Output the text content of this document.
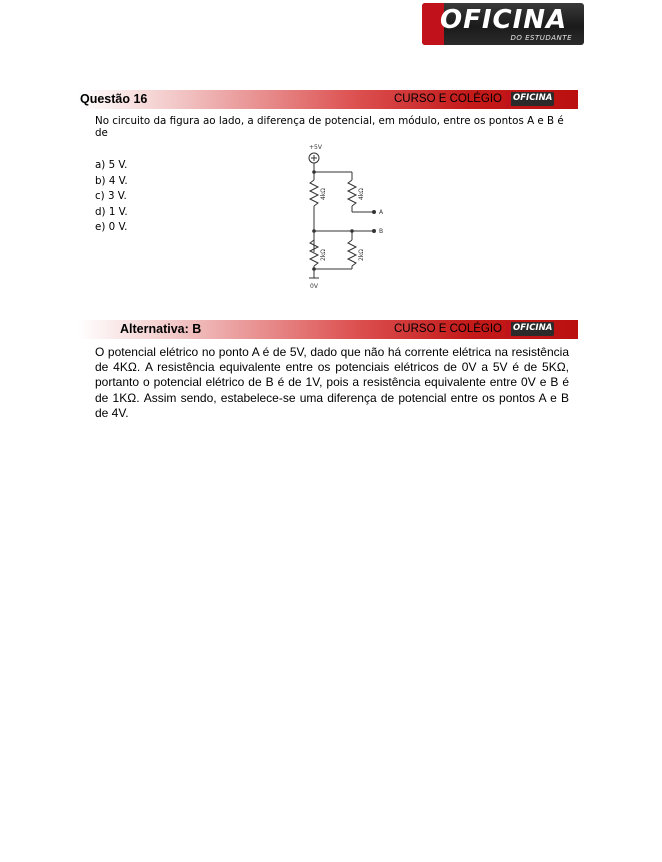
OFICINA
DO ESTUDANTE
Questão 16	CURSO E COLÉGIO OFICINA
No circuito da figura ao lado, a diferença de potencial, em módulo, entre os pontos A e B é de
a) 5 V.
b) 4 V.
c) 3 V.
d) 1 V.
e) 0 V.
+5V
0V
A
B
4kΩ	4kΩ
2kΩ	2kΩ
Alternativa: B	CURSO E COLÉGIO OFICINA
O potencial elétrico no ponto A é de 5V, dado que não há corrente elétrica na resistência de 4KΩ. A resistência equivalente entre os potenciais elétricos de 0V a 5V é de 5KΩ, portanto o potencial elétrico de B é de 1V, pois a resistência equivalente entre 0V e B é de 1KΩ. Assim sendo, estabelece-se uma diferença de potencial entre os pontos A e B de 4V.
